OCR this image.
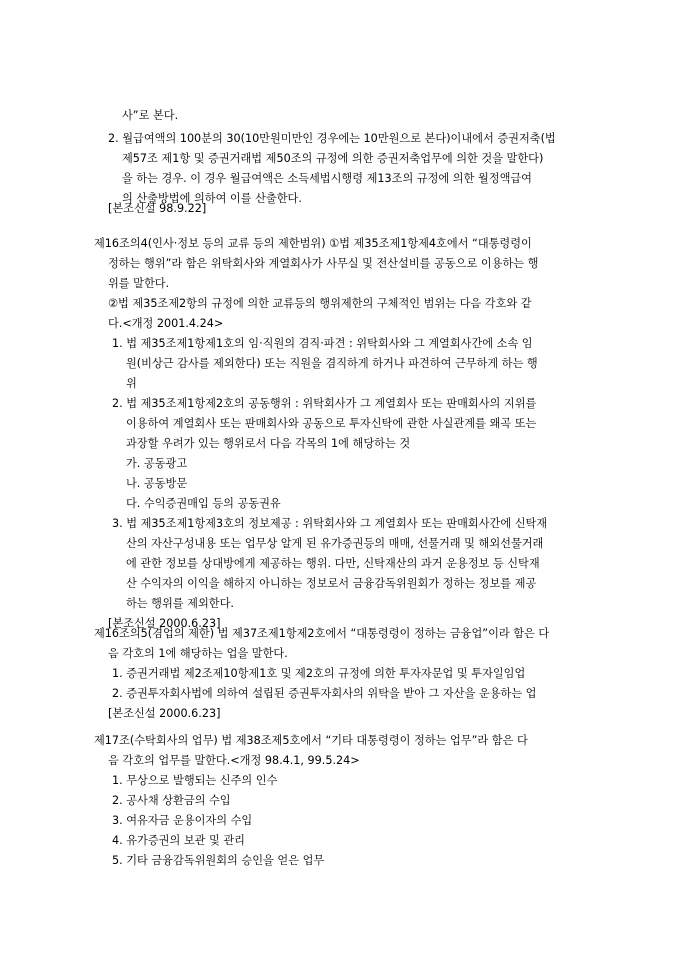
사”로 본다.
2. 월급여액의 100분의 30(10만원미만인 경우에는 10만원으로 본다)이내에서 증권저축(법
제57조 제1항 및 증권거래법 제50조의 규정에 의한 증권저축업무에 의한 것을 말한다)
을 하는 경우. 이 경우 월급여액은 소득세법시행령 제13조의 규정에 의한 월정액급여
의 산출방법에 의하여 이를 산출한다.
[본조신설 98.9.22]
제16조의4(인사·정보 등의 교류 등의 제한범위) ①법 제35조제1항제4호에서 “대통령령이
정하는 행위”라 함은 위탁회사와 계열회사가 사무실 및 전산설비를 공동으로 이용하는 행
위를 말한다.
②법 제35조제2항의 규정에 의한 교류등의 행위제한의 구체적인 범위는 다음 각호와 같
다.<개정 2001.4.24>
1. 법 제35조제1항제1호의 임·직원의 겸직·파견 : 위탁회사와 그 계열회사간에 소속 임
원(비상근 감사를 제외한다) 또는 직원을 겸직하게 하거나 파견하여 근무하게 하는 행
위
2. 법 제35조제1항제2호의 공동행위 : 위탁회사가 그 계열회사 또는 판매회사의 지위를
이용하여 계열회사 또는 판매회사와 공동으로 투자신탁에 관한 사실관계를 왜곡 또는
과장할 우려가 있는 행위로서 다음 각목의 1에 해당하는 것
가. 공동광고
나. 공동방문
다. 수익증권매입 등의 공동권유
3. 법 제35조제1항제3호의 정보제공 : 위탁회사와 그 계열회사 또는 판매회사간에 신탁재
산의 자산구성내용 또는 업무상 알게 된 유가증권등의 매매, 선물거래 및 해외선물거래
에 관한 정보를 상대방에게 제공하는 행위. 다만, 신탁재산의 과거 운용정보 등 신탁재
산 수익자의 이익을 해하지 아니하는 정보로서 금융감독위원회가 정하는 정보를 제공
하는 행위를 제외한다.
[본조신설 2000.6.23]
제16조의5(겸업의 제한) 법 제37조제1항제2호에서 “대통령령이 정하는 금융업”이라 함은 다
음 각호의 1에 해당하는 업을 말한다.
1. 증권거래법 제2조제10항제1호 및 제2호의 규정에 의한 투자자문업 및 투자일임업
2. 증권투자회사법에 의하여 설립된 증권투자회사의 위탁을 받아 그 자산을 운용하는 업
[본조신설 2000.6.23]
제17조(수탁회사의 업무) 법 제38조제5호에서 “기타 대통령령이 정하는 업무”라 함은 다
음 각호의 업무를 말한다.<개정 98.4.1, 99.5.24>
1. 무상으로 발행되는 신주의 인수
2. 공사채 상환금의 수입
3. 여유자금 운용이자의 수입
4. 유가증권의 보관 및 관리
5. 기타 금융감독위원회의 승인을 얻은 업무
